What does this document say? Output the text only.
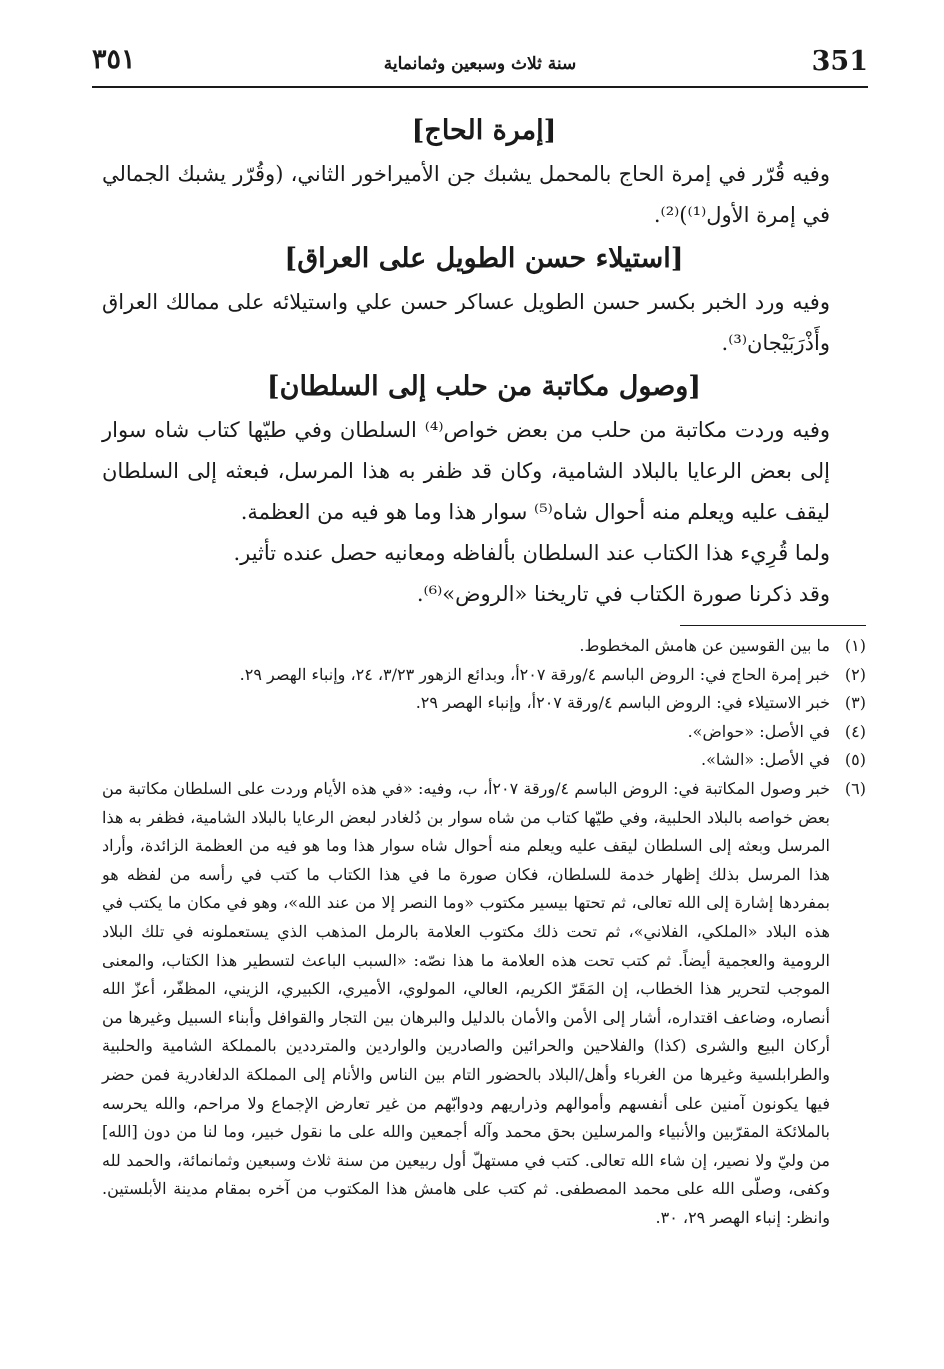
351
سنة ثلاث وسبعين وثمانماية
٣٥١
[إمرة الحاج]

وفيه قُرّر في إمرة الحاج بالمحمل يشبك جن الأميراخور الثاني، (وقُرّر يشبك الجمالي في إمرة الأول⁽¹⁾)⁽²⁾.

[استيلاء حسن الطويل على العراق]

وفيه ورد الخبر بكسر حسن الطويل عساكر حسن علي واستيلائه على ممالك العراق وأَذْرَبَيْجان⁽³⁾.

[وصول مكاتبة من حلب إلى السلطان]

وفيه وردت مكاتبة من حلب من بعض خواص⁽⁴⁾ السلطان وفي طيّها كتاب شاه سوار إلى بعض الرعايا بالبلاد الشامية، وكان قد ظفر به هذا المرسل، فبعثه إلى السلطان ليقف عليه ويعلم منه أحوال شاه⁽⁵⁾ سوار هذا وما هو فيه من العظمة.

ولما قُرِيء هذا الكتاب عند السلطان بألفاظه ومعانيه حصل عنده تأثير.

وقد ذكرنا صورة الكتاب في تاريخنا «الروض»⁽⁶⁾.

(١)
ما بين القوسين عن هامش المخطوط.
(٢)
خبر إمرة الحاج في: الروض الباسم ٤/ورقة ٢٠٧أ، وبدائع الزهور ٣/٢٣، ٢٤، وإنباء الهصر ٢٩.
(٣)
خبر الاستيلاء في: الروض الباسم ٤/ورقة ٢٠٧أ، وإنباء الهصر ٢٩.
(٤)
في الأصل: «حواض».
(٥)
في الأصل: «الشا».
(٦)
خبر وصول المكاتبة في: الروض الباسم ٤/ورقة ٢٠٧أ، ب، وفيه: «في هذه الأيام وردت على السلطان مكاتبة من بعض خواصه بالبلاد الحلبية، وفي طيّها كتاب من شاه سوار بن دُلغادر لبعض الرعايا بالبلاد الشامية، فظفر به هذا المرسل وبعثه إلى السلطان ليقف عليه ويعلم منه أحوال شاه سوار هذا وما هو فيه من العظمة الزائدة، وأراد هذا المرسل بذلك إظهار خدمة للسلطان، فكان صورة ما في هذا الكتاب ما كتب في رأسه من لفظه هو بمفردها إشارة إلى الله تعالى، ثم تحتها بيسير مكتوب «وما النصر إلا من عند الله»، وهو في مكان ما يكتب في هذه البلاد «الملكي، الفلاني»، ثم تحت ذلك مكتوب العلامة بالرمل المذهب الذي يستعملونه في تلك البلاد الرومية والعجمية أيضاً. ثم كتب تحت هذه العلامة ما هذا نصّه: «السبب الباعث لتسطير هذا الكتاب، والمعنى الموجب لتحرير هذا الخطاب، إن المَقَرّ الكريم، العالي، المولوي، الأميري، الكبيري، الزيني، المظفّر، أعزّ الله أنصاره، وضاعف اقتداره، أشار إلى الأمن والأمان بالدليل والبرهان بين التجار والقوافل وأبناء السبيل وغيرها من أركان البيع والشرى (كذا) والفلاحين والحرائين والصادرين والواردين والمترددين بالمملكة الشامية والحلبية والطرابلسية وغيرها من الغرباء وأهل/البلاد بالحضور التام بين الناس والأنام إلى المملكة الدلغادرية فمن حضر فيها يكونون آمنين على أنفسهم وأموالهم وذراريهم ودوابّهم من غير تعارض الإجماع ولا مراحم، والله يحرسه بالملائكة المقرّبين والأنبياء والمرسلين بحق محمد وآله أجمعين والله على ما نقول خبير، وما لنا من دون [الله] من وليّ ولا نصير، إن شاء الله تعالى. كتب في مستهلّ أول ربيعين من سنة ثلاث وسبعين وثمانمائة، والحمد لله وكفى، وصلّى الله على محمد المصطفى. ثم كتب على هامش هذا المكتوب من آخره بمقام مدينة الأبلستين. وانظر: إنباء الهصر ٢٩، ٣٠.
